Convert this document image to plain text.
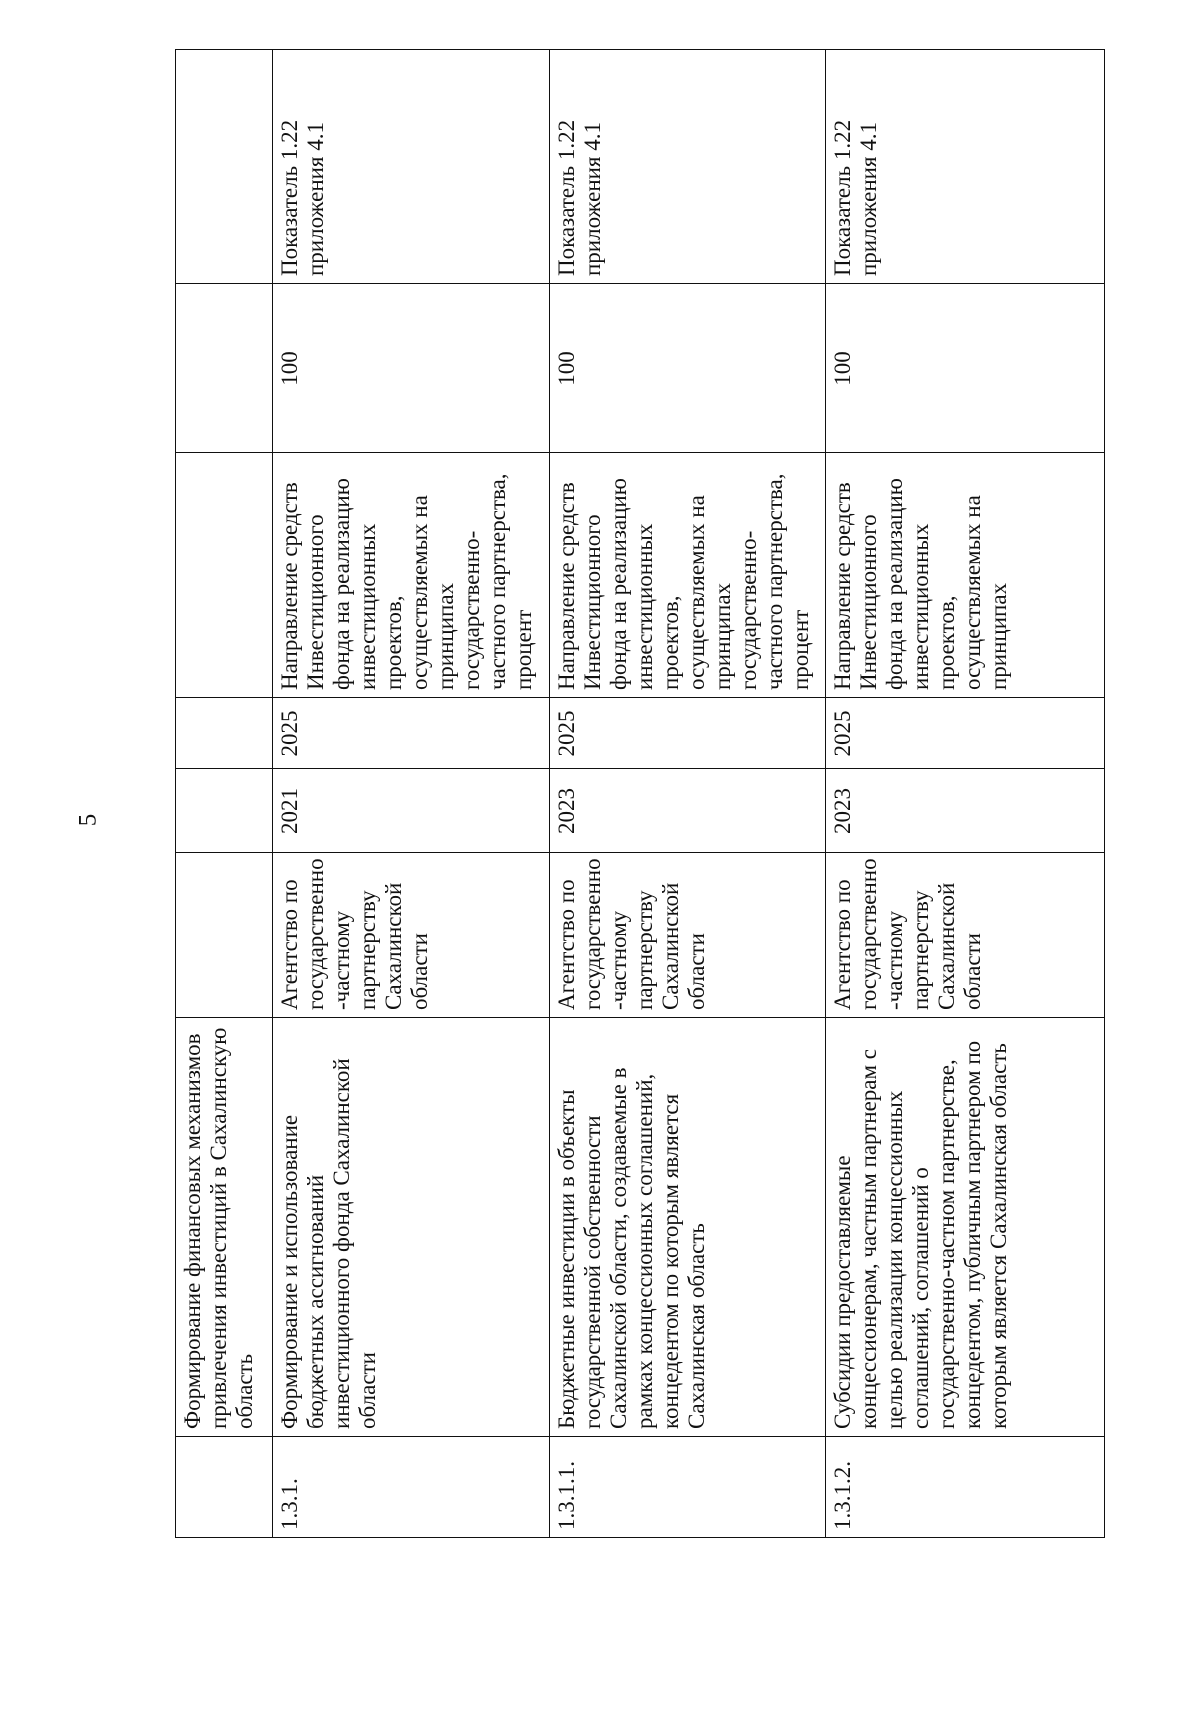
5
	Формирование финансовых механизмов привлечения инвестиций в Сахалинскую область						
1.3.1.	Формирование и использование бюджетных ассигнований инвестиционного фонда Сахалинской области	Агентство по государственно -частному партнерству Сахалинской области	2021	2025	Направление средств Инвестиционного фонда на реализацию инвестиционных проектов, осуществляемых на принципах государственно-частного партнерства, процент	100	Показатель 1.22 приложения 4.1
1.3.1.1.	Бюджетные инвестиции в объекты государственной собственности Сахалинской области, создаваемые в рамках концессионных соглашений, концедентом по которым является Сахалинская область	Агентство по государственно -частному партнерству Сахалинской области	2023	2025	Направление средств Инвестиционного фонда на реализацию инвестиционных проектов, осуществляемых на принципах государственно-частного партнерства, процент	100	Показатель 1.22 приложения 4.1
1.3.1.2.	Субсидии предоставляемые концессионерам, частным партнерам с целью реализации концессионных соглашений, соглашений о государственно-частном партнерстве, концедентом, публичным партнером по которым является Сахалинская область	Агентство по государственно -частному партнерству Сахалинской области	2023	2025	Направление средств Инвестиционного фонда на реализацию инвестиционных проектов, осуществляемых на принципах	100	Показатель 1.22 приложения 4.1
